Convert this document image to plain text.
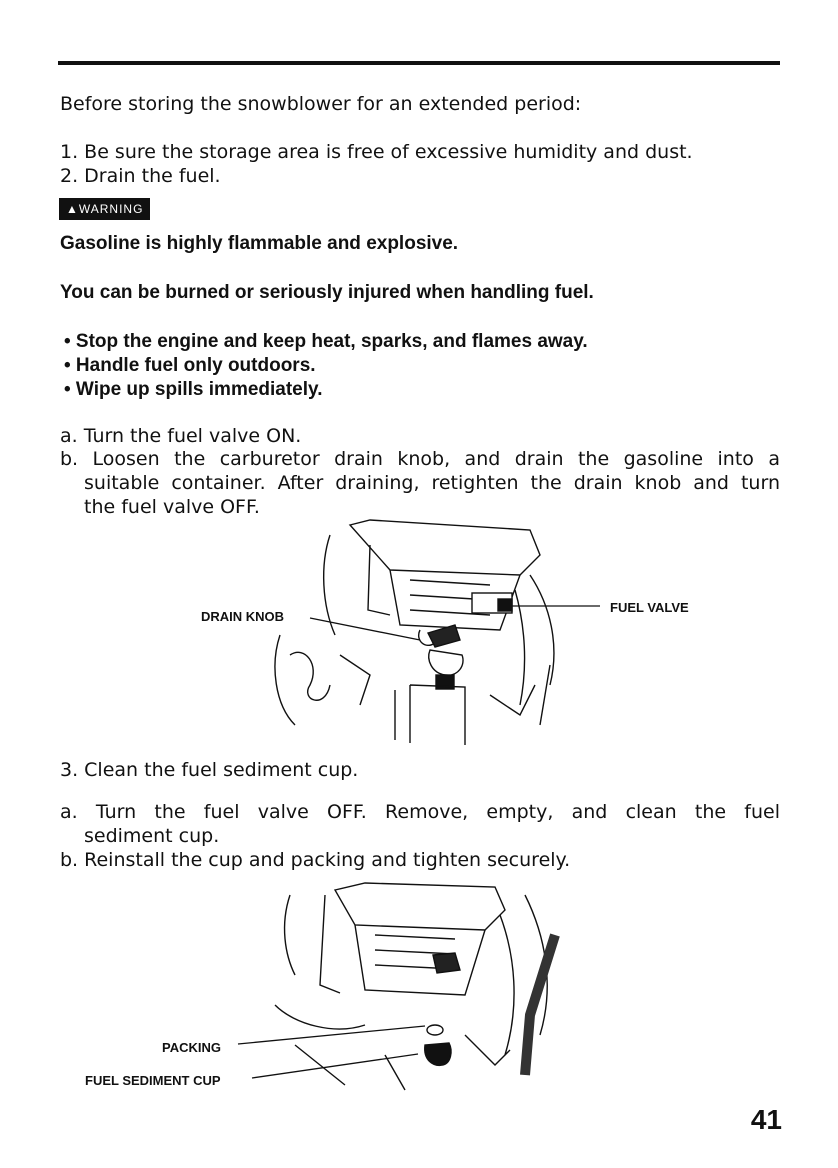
Before storing the snowblower for an extended period:
1. Be sure the storage area is free of excessive humidity and dust.
2. Drain the fuel.
▲WARNING
Gasoline is highly flammable and explosive.
You can be burned or seriously injured when handling fuel.
• Stop the engine and keep heat, sparks, and flames away.
• Handle fuel only outdoors.
• Wipe up spills immediately.
a. Turn the fuel valve ON.
b. Loosen the carburetor drain knob, and drain the gasoline into a
suitable container. After draining, retighten the drain knob and turn
the fuel valve OFF.
DRAIN KNOB
FUEL VALVE
3. Clean the fuel sediment cup.
a. Turn the fuel valve OFF. Remove, empty, and clean the fuel
sediment cup.
b. Reinstall the cup and packing and tighten securely.
PACKING
FUEL SEDIMENT CUP
41
